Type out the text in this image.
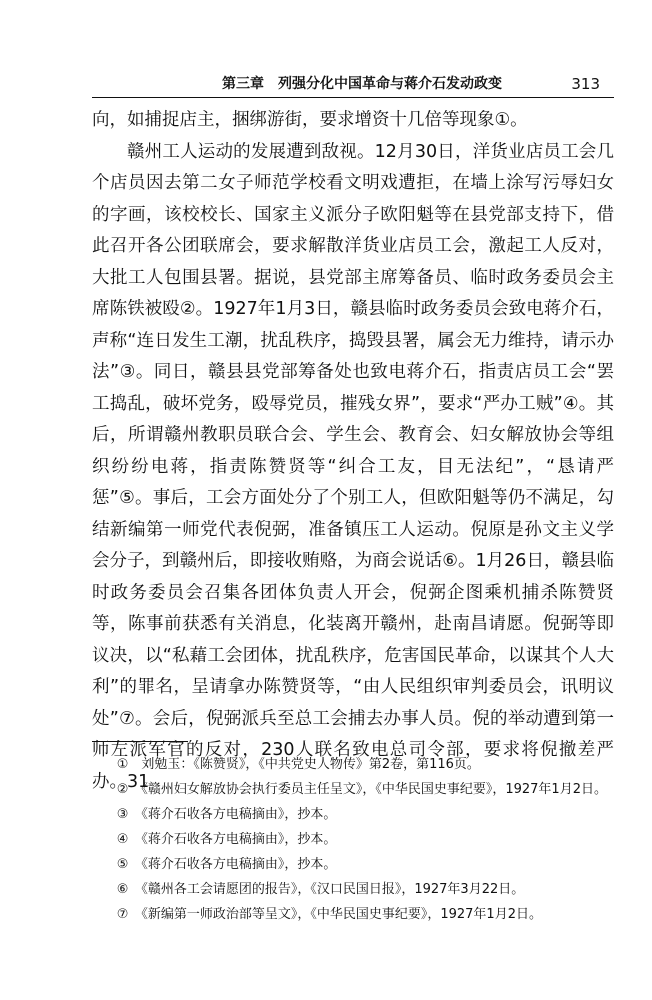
第三章　列强分化中国革命与蒋介石发动政变	313

向，如捕捉店主，捆绑游街，要求增资十几倍等现象①。

赣州工人运动的发展遭到敌视。12月30日，洋货业店员工会几个店员因去第二女子师范学校看文明戏遭拒，在墙上涂写污辱妇女的字画，该校校长、国家主义派分子欧阳魁等在县党部支持下，借此召开各公团联席会，要求解散洋货业店员工会，激起工人反对，大批工人包围县署。据说，县党部主席筹备员、临时政务委员会主席陈铁被殴②。1927年1月3日，赣县临时政务委员会致电蒋介石，声称“连日发生工潮，扰乱秩序，捣毁县署，属会无力维持，请示办法”③。同日，赣县县党部筹备处也致电蒋介石，指责店员工会“罢工捣乱，破坏党务，殴辱党员，摧残女界”，要求“严办工贼”④。其后，所谓赣州教职员联合会、学生会、教育会、妇女解放协会等组织纷纷电蒋，指责陈赞贤等“纠合工友，目无法纪”，“恳请严惩”⑤。事后，工会方面处分了个别工人，但欧阳魁等仍不满足，勾结新编第一师党代表倪弼，准备镇压工人运动。倪原是孙文主义学会分子，到赣州后，即接收贿赂，为商会说话⑥。1月26日，赣县临时政务委员会召集各团体负责人开会，倪弼企图乘机捕杀陈赞贤等，陈事前获悉有关消息，化装离开赣州，赴南昌请愿。倪弼等即议决，以“私藉工会团体，扰乱秩序，危害国民革命，以谋其个人大利”的罪名，呈请拿办陈赞贤等，“由人民组织审判委员会，讯明议处”⑦。会后，倪弼派兵至总工会捕去办事人员。倪的举动遭到第一师左派军官的反对，230人联名致电总司令部，要求将倪撤差严办。31

①　刘勉玉：《陈赞贤》，《中共党史人物传》第2卷，第116页。

②　《赣州妇女解放协会执行委员主任呈文》，《中华民国史事纪要》，1927年1月2日。

③　《蒋介石收各方电稿摘由》，抄本。

④　《蒋介石收各方电稿摘由》，抄本。

⑤　《蒋介石收各方电稿摘由》，抄本。

⑥　《赣州各工会请愿团的报告》，《汉口民国日报》，1927年3月22日。

⑦　《新编第一师政治部等呈文》，《中华民国史事纪要》，1927年1月2日。
